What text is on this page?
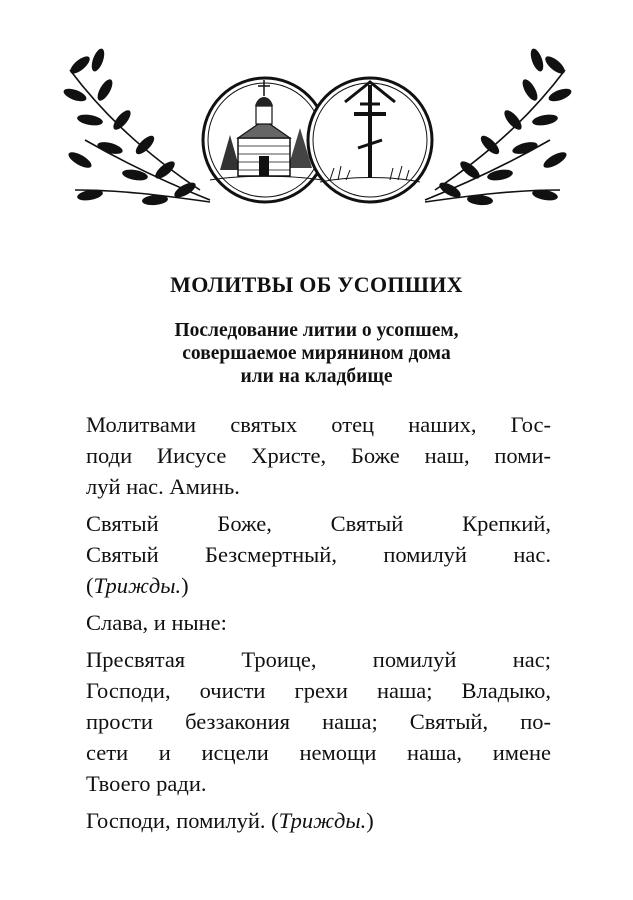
МОЛИТВЫ ОБ УСОПШИХ
Последование литии о усопшем,
совершаемое мирянином дома
или на кладбище
Молитвами святых отец наших, Гос-
поди Иисусе Христе, Боже наш, поми-
луй нас. Аминь.
Святый Боже, Святый Крепкий,
Святый Безсмертный, помилуй нас.
(Трижды.)
Слава, и ныне:
Пресвятая Троице, помилуй нас;
Господи, очисти грехи наша; Владыко,
прости беззакония наша; Святый, по-
сети и исцели немощи наша, имене
Твоего ради.
Господи, помилуй. (Трижды.)
